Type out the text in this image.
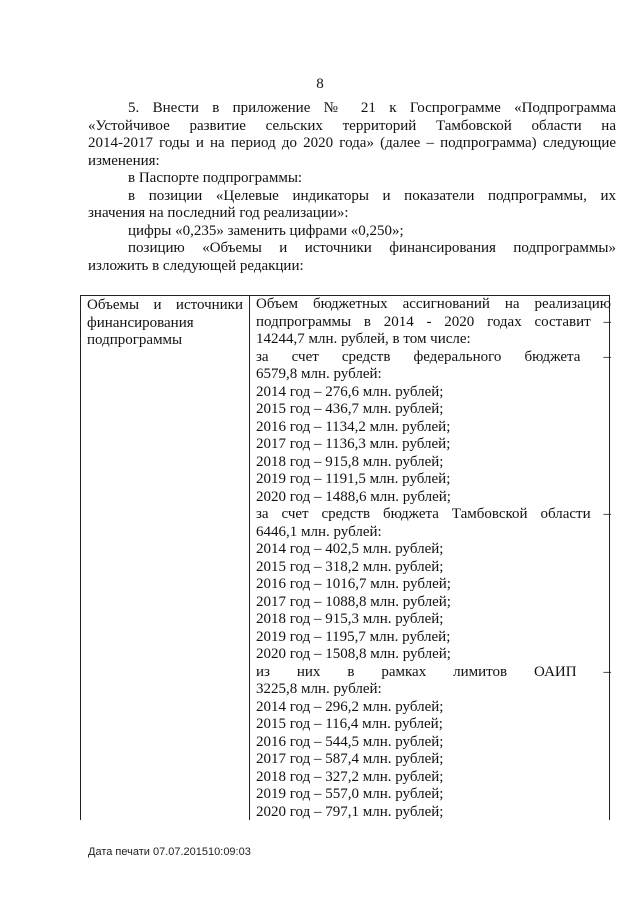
8
5. Внести в приложение № 21 к Госпрограмме «Подпрограмма
«Устойчивое развитие сельских территорий Тамбовской области на
2014-2017 годы и на период до 2020 года» (далее – подпрограмма) следующие
изменения:
в Паспорте подпрограммы:
в позиции «Целевые индикаторы и показатели подпрограммы, их
значения на последний год реализации»:
цифры «0,235» заменить цифрами «0,250»;
позицию «Объемы и источники финансирования подпрограммы»
изложить в следующей редакции:
Объемы и источники
финансирования
подпрограммы
Объем бюджетных ассигнований на реализацию
подпрограммы в 2014 - 2020 годах составит –
14244,7 млн. рублей, в том числе:
за счет средств федерального бюджета –
6579,8 млн. рублей:
2014 год – 276,6 млн. рублей;
2015 год – 436,7 млн. рублей;
2016 год – 1134,2 млн. рублей;
2017 год – 1136,3 млн. рублей;
2018 год – 915,8 млн. рублей;
2019 год – 1191,5 млн. рублей;
2020 год – 1488,6 млн. рублей;
за счет средств бюджета Тамбовской области –
6446,1 млн. рублей:
2014 год – 402,5 млн. рублей;
2015 год – 318,2 млн. рублей;
2016 год – 1016,7 млн. рублей;
2017 год – 1088,8 млн. рублей;
2018 год – 915,3 млн. рублей;
2019 год – 1195,7 млн. рублей;
2020 год – 1508,8 млн. рублей;
из них в рамках лимитов ОАИП –
3225,8 млн. рублей:
2014 год – 296,2 млн. рублей;
2015 год – 116,4 млн. рублей;
2016 год – 544,5 млн. рублей;
2017 год – 587,4 млн. рублей;
2018 год – 327,2 млн. рублей;
2019 год – 557,0 млн. рублей;
2020 год – 797,1 млн. рублей;
Дата печати 07.07.201510:09:03
